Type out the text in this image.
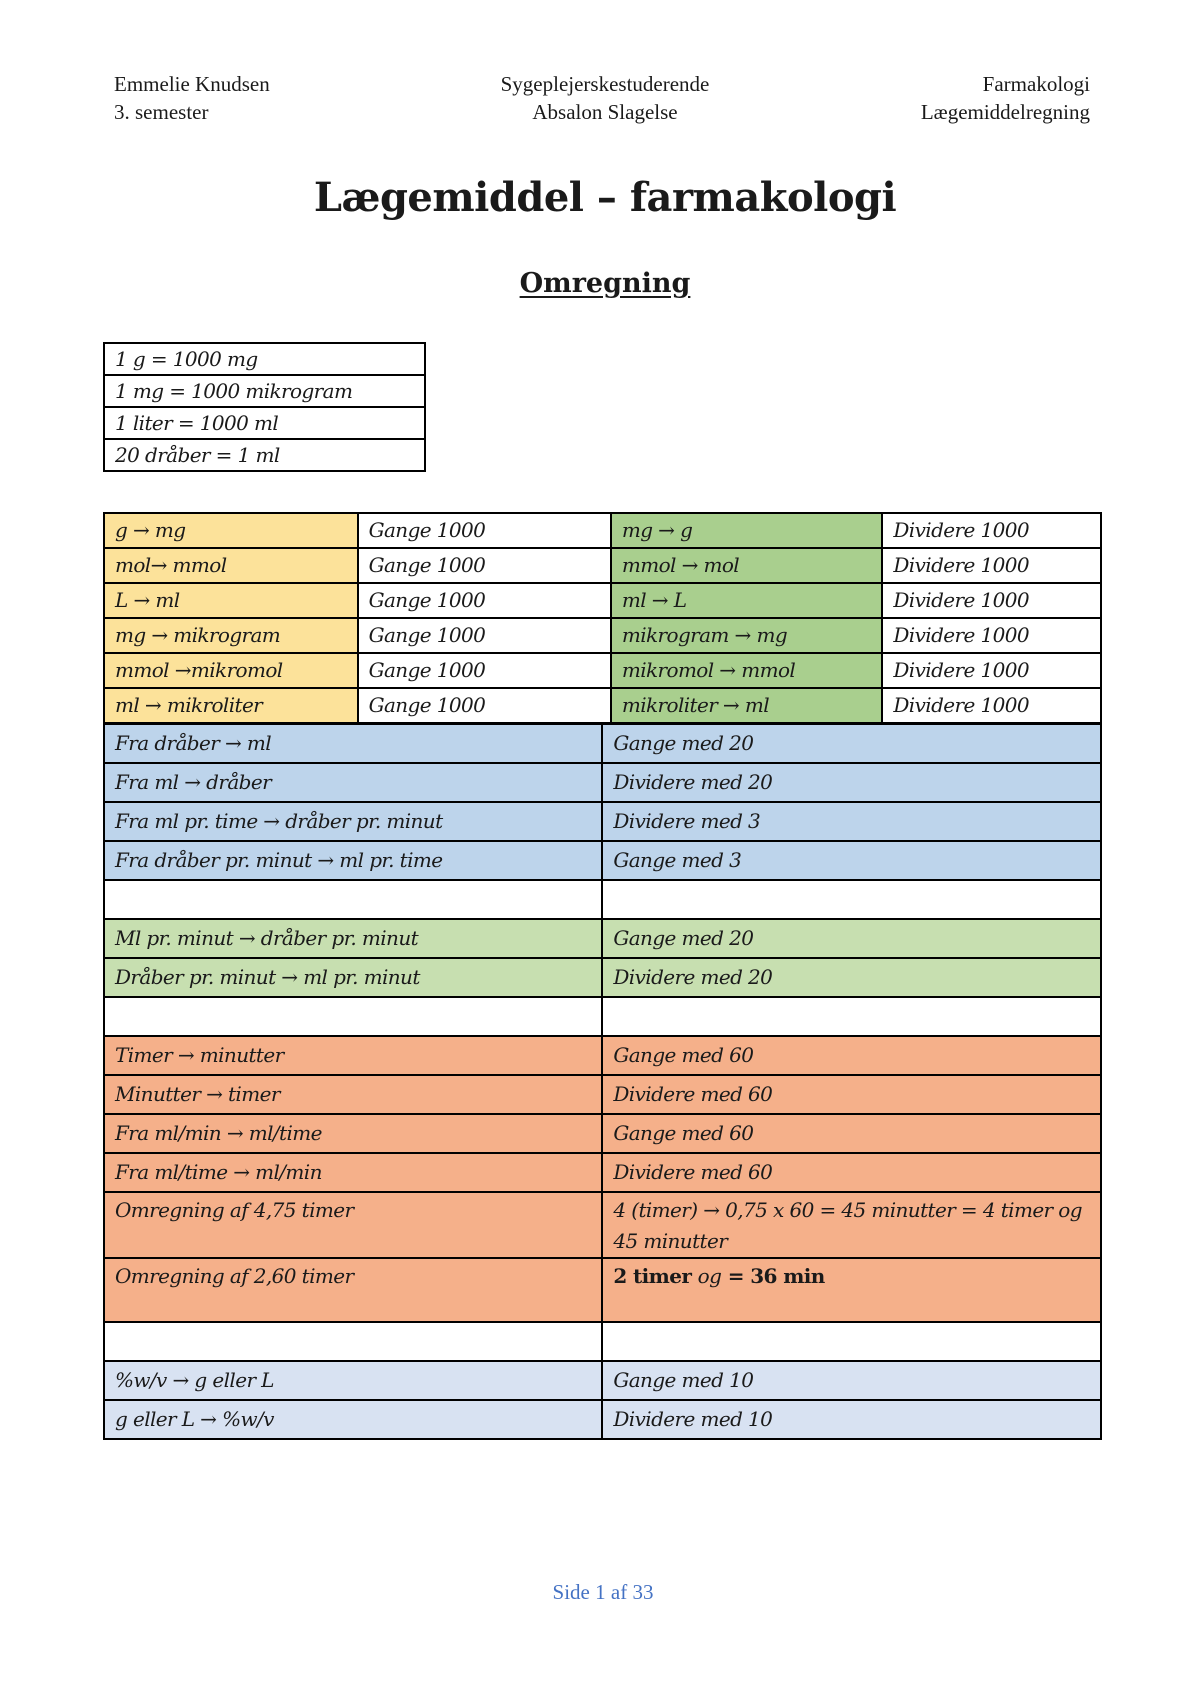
Emmelie Knudsen
3. semester
Sygeplejerskestuderende
Absalon Slagelse
Farmakologi
Lægemiddelregning
Lægemiddel – farmakologi
Omregning
1 g = 1000 mg
1 mg = 1000 mikrogram
1 liter = 1000 ml
20 dråber = 1 ml
g → mg	Gange 1000	mg → g	Dividere 1000
mol→ mmol	Gange 1000	mmol → mol	Dividere 1000
L → ml	Gange 1000	ml → L	Dividere 1000
mg → mikrogram	Gange 1000	mikrogram → mg	Dividere 1000
mmol →mikromol	Gange 1000	mikromol → mmol	Dividere 1000
ml → mikroliter	Gange 1000	mikroliter → ml	Dividere 1000

Fra dråber → ml	Gange med 20
Fra ml → dråber	Dividere med 20
Fra ml pr. time → dråber pr. minut	Dividere med 3
Fra dråber pr. minut → ml pr. time	Gange med 3

Ml pr. minut → dråber pr. minut	Gange med 20
Dråber pr. minut → ml pr. minut	Dividere med 20

Timer → minutter	Gange med 60
Minutter → timer	Dividere med 60
Fra ml/min → ml/time	Gange med 60
Fra ml/time → ml/min	Dividere med 60
Omregning af 4,75 timer	4 (timer) → 0,75 x 60 = 45 minutter = 4 timer og 45 minutter
Omregning af 2,60 timer	2 timer og = 36 min

%w/v → g eller L	Gange med 10
g eller L → %w/v	Dividere med 10
Side 1 af 33
